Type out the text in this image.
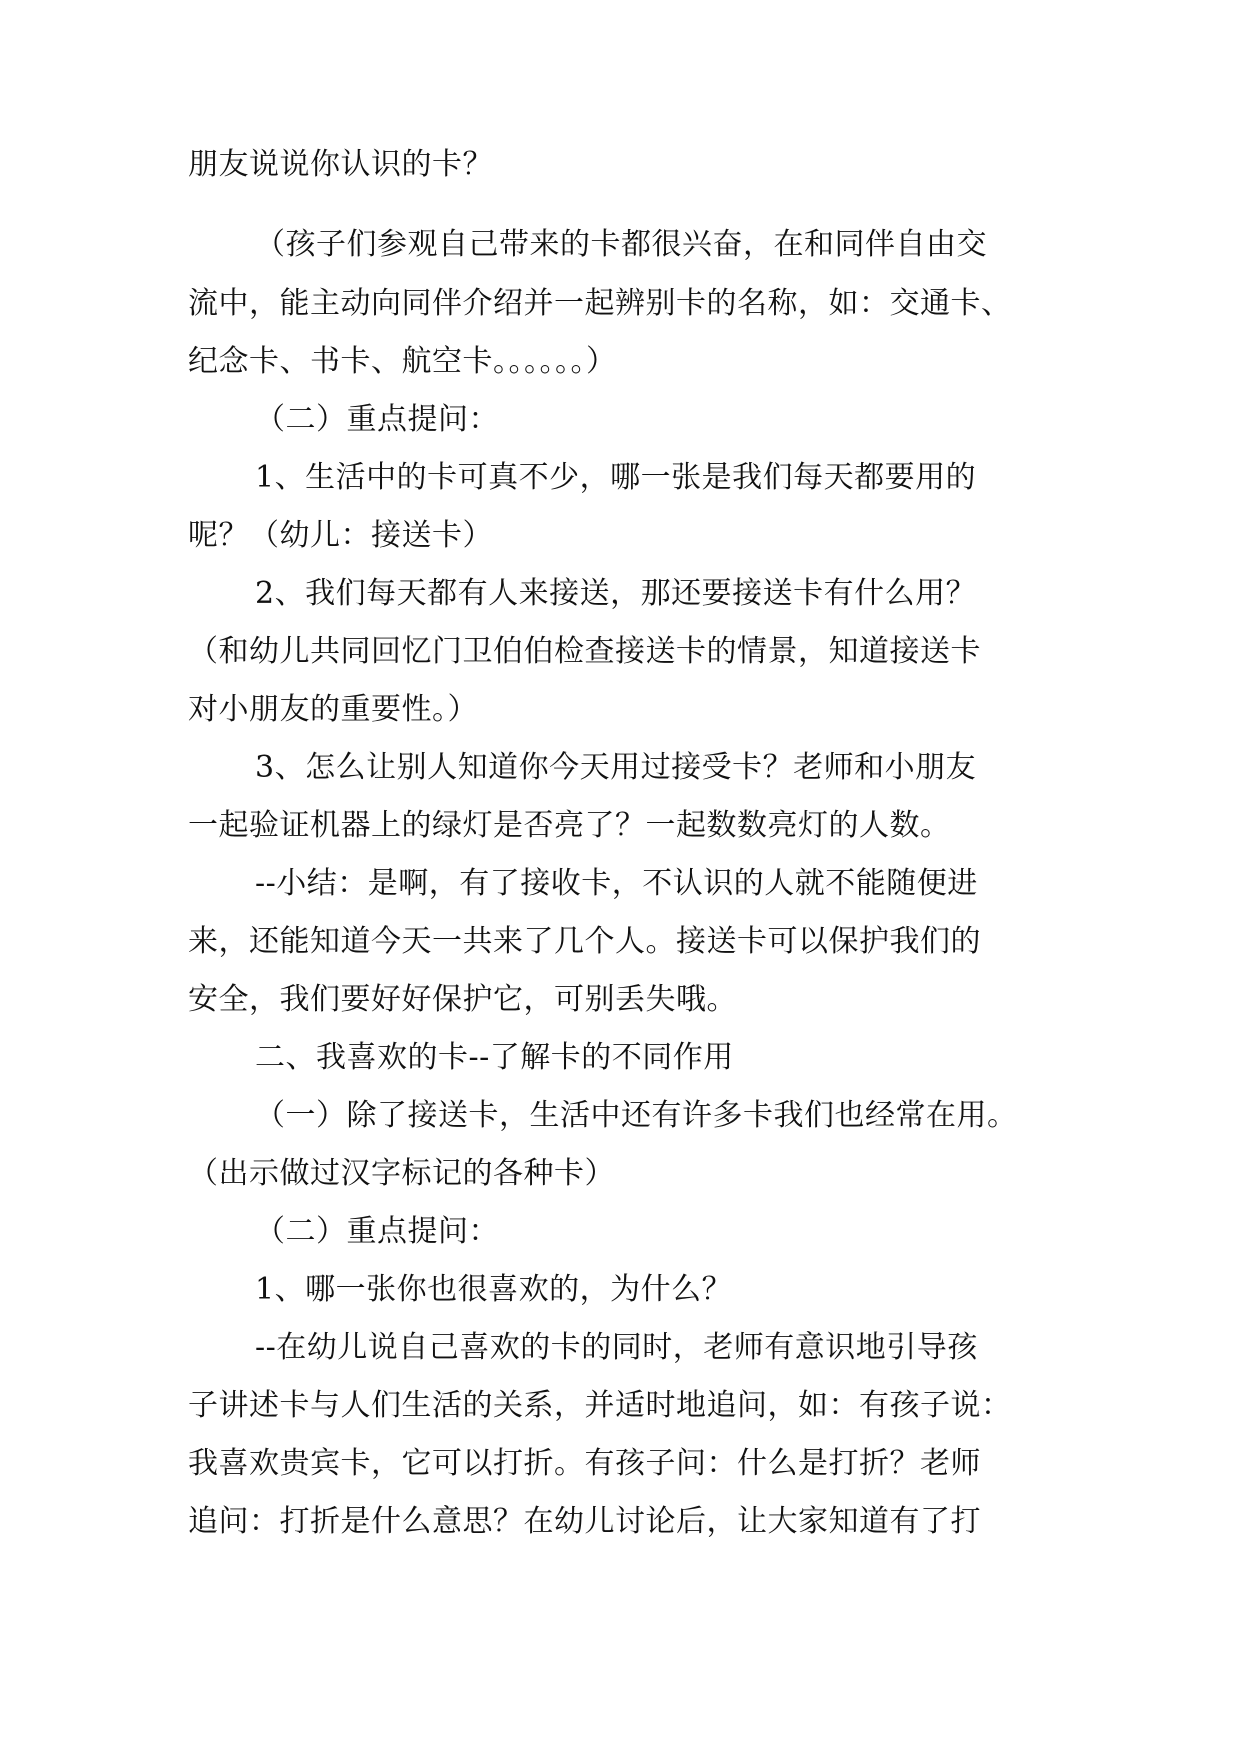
朋友说说你认识的卡？
（孩子们参观自己带来的卡都很兴奋，在和同伴自由交
流中，能主动向同伴介绍并一起辨别卡的名称，如：交通卡、
纪念卡、书卡、航空卡。。。。。。）
（二）重点提问：
1、生活中的卡可真不少，哪一张是我们每天都要用的
呢？（幼儿：接送卡）
2、我们每天都有人来接送，那还要接送卡有什么用？
（和幼儿共同回忆门卫伯伯检查接送卡的情景，知道接送卡
对小朋友的重要性。）
3、怎么让别人知道你今天用过接受卡？老师和小朋友
一起验证机器上的绿灯是否亮了？一起数数亮灯的人数。
--小结：是啊，有了接收卡，不认识的人就不能随便进
来，还能知道今天一共来了几个人。接送卡可以保护我们的
安全，我们要好好保护它，可别丢失哦。
二、我喜欢的卡--了解卡的不同作用
（一）除了接送卡，生活中还有许多卡我们也经常在用。
（出示做过汉字标记的各种卡）
（二）重点提问：
1、哪一张你也很喜欢的，为什么？
--在幼儿说自己喜欢的卡的同时，老师有意识地引导孩
子讲述卡与人们生活的关系，并适时地追问，如：有孩子说：
我喜欢贵宾卡，它可以打折。有孩子问：什么是打折？老师
追问：打折是什么意思？在幼儿讨论后，让大家知道有了打
